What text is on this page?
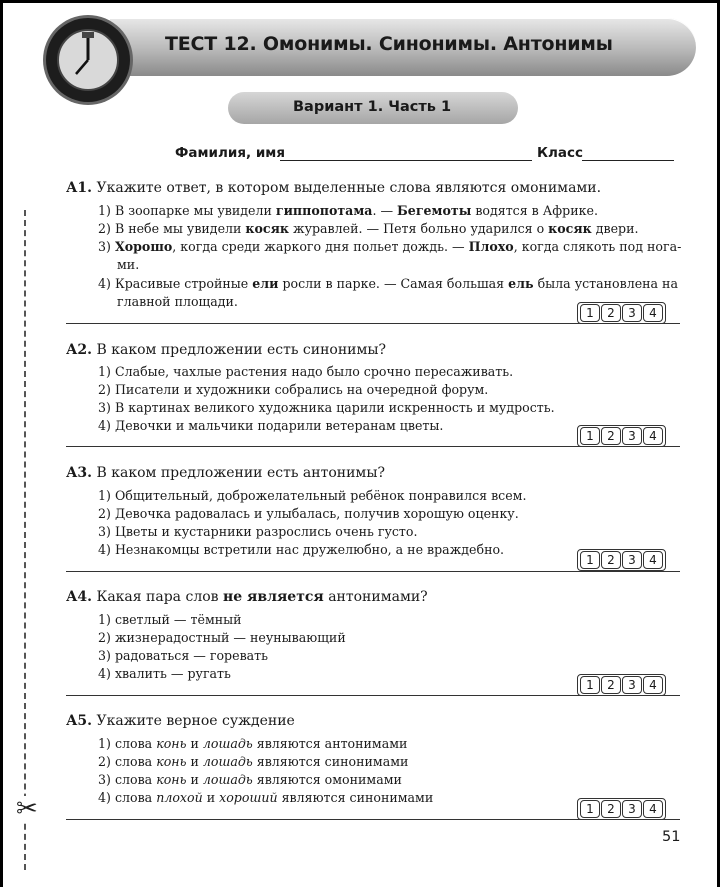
✂
ТЕСТ 12. Омонимы. Синонимы. Антонимы
Вариант 1. Часть 1
Фамилия, имя	Класс
А1. Укажите ответ, в котором выделенные слова являются омонимами.
1) В зоопарке мы увидели гиппопотама. — Бегемоты водятся в Африке.
2) В небе мы увидели косяк журавлей. — Петя больно ударился о косяк двери.
3) Хорошо, когда среди жаркого дня польет дождь. — Плохо, когда слякоть под нога-
ми.
4) Красивые стройные ели росли в парке. — Самая большая ель была установлена на
главной площади.
1	2	3	4
А2. В каком предложении есть синонимы?
1) Слабые, чахлые растения надо было срочно пересаживать.
2) Писатели и художники собрались на очередной форум.
3) В картинах великого художника царили искренность и мудрость.
4) Девочки и мальчики подарили ветеранам цветы.
1	2	3	4
А3. В каком предложении есть антонимы?
1) Общительный, доброжелательный ребёнок понравился всем.
2) Девочка радовалась и улыбалась, получив хорошую оценку.
3) Цветы и кустарники разрослись очень густо.
4) Незнакомцы встретили нас дружелюбно, а не враждебно.
1	2	3	4
А4. Какая пара слов не является антонимами?
1) светлый — тёмный
2) жизнерадостный — неунывающий
3) радоваться — горевать
4) хвалить — ругать
1	2	3	4
А5. Укажите верное суждение
1) слова конь и лошадь являются антонимами
2) слова конь и лошадь являются синонимами
3) слова конь и лошадь являются омонимами
4) слова плохой и хороший являются синонимами
1	2	3	4
51
